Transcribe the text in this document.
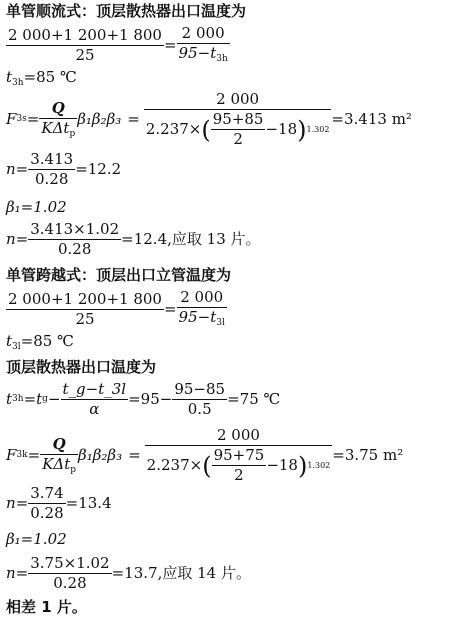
单管顺流式：顶层散热器出口温度为
$\frac{2 000+1 200+1 800}{25} = \frac{2 000}{95-t_{3h}}$
$t_{3h}=85$ ℃
F $3s = \frac{Q}{K\Delta t_p} \beta_1\beta_2\beta_3$ =
2 000
2.237× ( $\frac{95+85}{2} -18$ ) 1.302
=3.413 m²
$n= \frac{3.413}{0.28} =12.2$
β₁=1.02
$n= \frac{3.413\times 1.02}{0.28} =12.4$,应取 13 片。
单管跨越式：顶层出口立管温度为
$\frac{2 000+1 200+1 800}{25} = \frac{2 000}{95-t_{3l}}$
$t_{3l}=85$ ℃
顶层散热器出口温度为
t 3h =t $g - \frac{t\_g-t\_3l}{\alpha} =95- \frac{95-85}{0.5} =75$ ℃
F $3k = \frac{Q}{K\Delta t_p} \beta_1\beta_2\beta_3$ =
2 000
2.237× ( $\frac{95+75}{2} -18$ ) 1.302
=3.75 m²
$n= \frac{3.74}{0.28} =13.4$
β₁=1.02
$n= \frac{3.75\times 1.02}{0.28} =13.7$,应取 14 片。
相差 1 片。
